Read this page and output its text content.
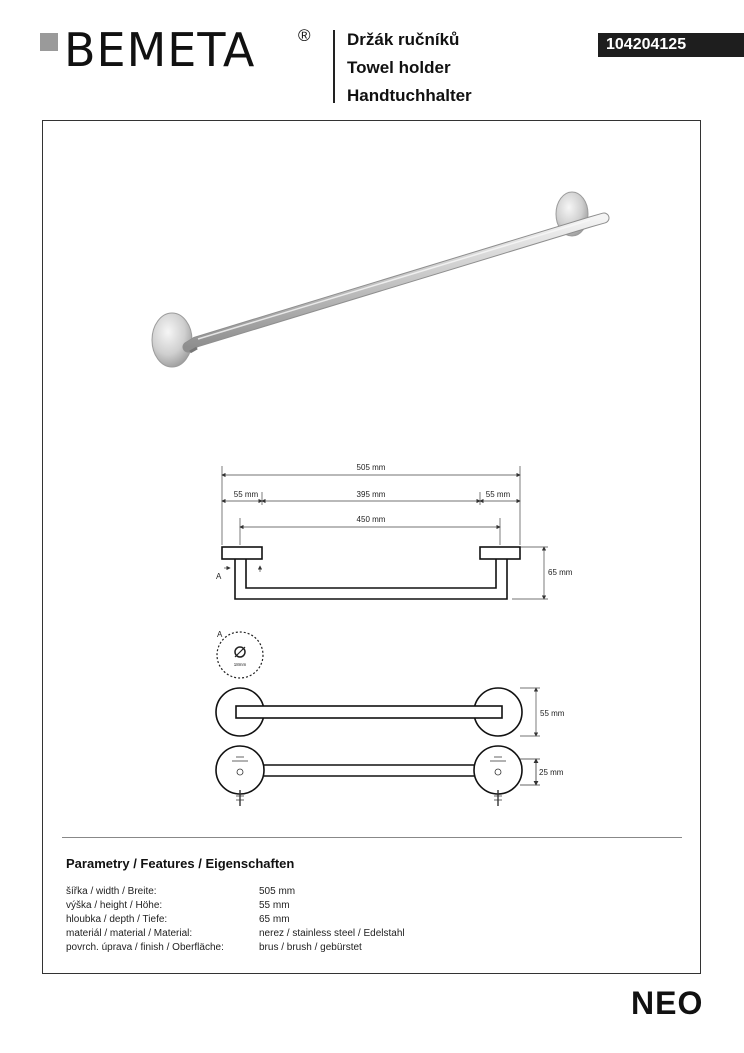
BEMETA	® Držák ručníků
Towel holder
Handtuchhalter
104204125
505 mm
55 mm	395 mm	55 mm
450 mm
65 mm
A
A
18mm
55 mm
25 mm
Parametry / Features / Eigenschaften
šířka / width / Breite:	505 mm
výška / height / Höhe:	55 mm
hloubka / depth / Tiefe:	65 mm
materiál / material / Material:	nerez / stainless steel / Edelstahl
povrch. úprava / finish / Oberfläche:	brus / brush / gebürstet
NEO
